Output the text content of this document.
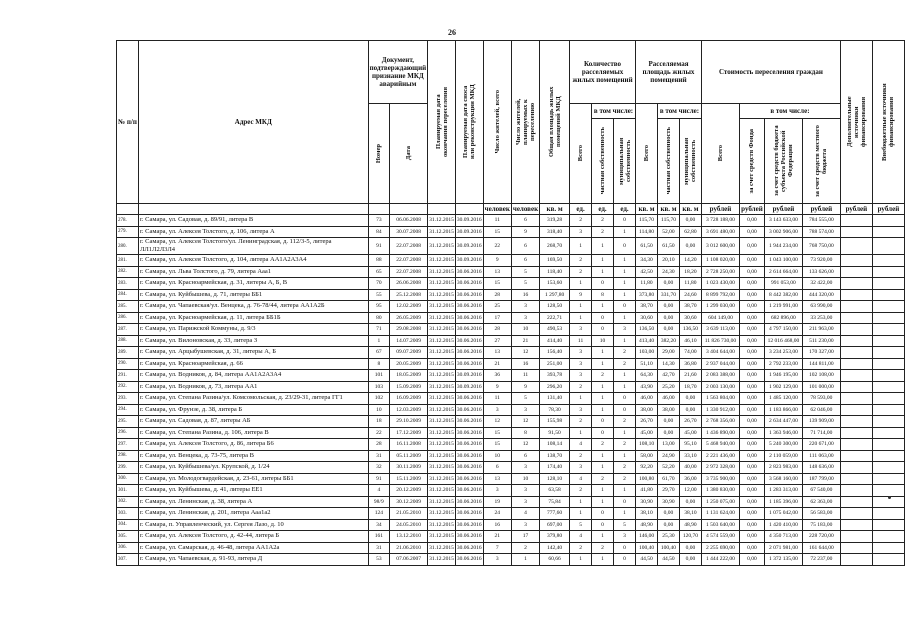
26
№ п/п	Адрес МКД	Документ, подтверждающий признание МКД аварийным		Планируемая дата окончания переселения	Планируемая дата сноса или реконструкции МКД	Число жителей, всего	Число жителей, планируемых к переселению	Общая площадь жилых помещений МКД	Количество расселяемых жилых помещений			Расселяемая площадь жилых помещений			Стоимость переселения граждан				Дополнительные источники финансирования	Внебюджетные источники финансирования

		Номер	Дата						Всего	в том числе:		Всего	в том числе:		Всего	в том числе:				

										частная собственность	муниципальная собственность		частная собственность	муниципальная собственность		за счет средств Фонда	за счет средств бюджета субъекта Российской Федерации	за счет средств местного бюджета		

						человек	человек	кв. м	ед.	ед.	ед.	кв. м	кв. м	кв. м	рублей	рублей	рублей	рублей	рублей	рублей
278.	г. Самара, ул. Садовая, д. 89/91, литера В	73	06.06.2008	31.12.2015	30.09.2016	11	6	319,28	2	2	0	115,70	115,70	0,00	3 728 188,00	0,00	3 143 633,00	784 555,00		
279.	г. Самара, ул. Алексея Толстого, д. 106, литера А	84	30.07.2008	31.12.2015	30.09.2016	15	9	318,40	3	2	1	114,80	52,00	62,80	3 691 480,00	0,00	3 002 906,00	788 574,00		
280.	г. Самара, ул. Алексея Толстого/ул. Ленинградская, д. 112/3-5, литера ЛЛ1Л2Л3Л4	91	22.07.2008	31.12.2015	30.09.2016	22	6	268,70	1	1	0	61,50	61,50	0,00	3 012 600,00	0,00	1 944 234,00	768 750,00		
281.	г. Самара, ул. Алексея Толстого, д. 104, литера АА1А2А3А4	88	22.07.2008	31.12.2015	30.09.2016	9	6	169,50	2	1	1	34,30	20,10	14,20	1 108 020,00	0,00	1 043 100,00	73 920,00		
282.	г. Самара, ул. Льва Толстого, д. 79, литера Ааа1	65	22.07.2008	31.12.2015	30.06.2016	13	5	118,40	2	1	1	42,50	24,30	18,20	2 728 250,00	0,00	2 614 664,00	133 626,00		
283.	г. Самара, ул. Красноармейская, д. 31, литеры А, Б, В	70	26.06.2008	31.12.2015	30.06.2016	15	5	153,60	1	0	1	11,80	0,00	11,80	1 023 430,00	0,00	991 053,00	32 422,00		
284.	г. Самара, ул. Куйбышева, д. 71, литеры ББ1	55	25.12.2008	31.12.2015	30.06.2016	28	16	1 297,80	9	8	1	373,80	331,70	24,60	8 899 792,00	0,00	8 442 382,00	444 320,00		
285.	г. Самара, ул. Чапаевская/ул. Венцека, д. 76-78/44, литера АА1А2Б	95	12.02.2009	31.12.2015	30.06.2016	25	3	128,50	1	1	0	38,70	0,00	38,70	1 299 030,00	0,00	1 219 991,00	63 990,00		
286.	г. Самара, ул. Красноармейская, д. 11, литера ББ1Б	80	26.05.2009	31.12.2015	30.06.2016	17	3	222,71	1	0	1	30,60	0,00	30,60	604 149,00	0,00	682 896,00	33 253,00		
287.	г. Самара, ул. Парижской Коммуны, д. 9/3	71	29.08.2008	31.12.2015	30.06.2016	28	10	490,53	3	0	3	136,50	0,00	136,50	3 639 113,00	0,00	4 797 150,00	211 963,00		
288.	г. Самара, ул. Вилоновская, д. 33, литера З	1	14.07.2009	31.12.2015	30.06.2016	27	21	414,40	11	10	1	413,40	382,20	46,10	11 826 730,00	0,00	12 016 468,00	511 230,00		
289.	г. Самара, ул. Арцыбушевская, д. 31, литеры А, Б	67	09.07.2009	31.12.2015	30.06.2016	13	12	156,40	3	1	2	103,00	29,00	74,00	3 404 644,00	0,00	3 234 253,00	170 327,00		
290.	г. Самара, ул. Красноармейская, д. 66	8	20.05.2009	31.12.2015	30.06.2016	21	16	251,00	3	1	2	51,10	14,30	36,80	2 937 044,00	0,00	2 792 233,00	144 811,00		
291.	г. Самара, ул. Водников, д. 84, литера АА1А2А3А4	101	18.05.2009	31.12.2015	30.09.2016	36	11	393,78	3	2	1	64,30	42,70	21,60	2 083 388,00	0,00	1 946 195,00	102 108,00		
292.	г. Самара, ул. Водников, д. 73, литера АА1	103	15.09.2009	31.12.2015	30.09.2016	9	9	296,20	2	1	1	43,90	25,20	18,70	2 003 130,00	0,00	1 902 129,00	101 000,00		
293.	г. Самара, ул. Степана Разина/ул. Комсомольская, д. 23/29-31, литера ГГ1	102	16.09.2009	31.12.2015	30.06.2016	11	5	131,40	1	1	0	46,00	46,00	0,00	1 563 804,00	0,00	1 485 120,00	78 593,00		
294.	г. Самара, ул. Фрунзе, д. 38, литера Б	10	12.03.2009	31.12.2015	30.06.2016	3	3	78,30	3	1	0	38,00	38,00	0,00	1 330 912,00	0,00	1 183 866,00	62 046,00		
295.	г. Самара, ул. Садовая, д. 87, литеры АБ	18	29.10.2009	31.12.2015	30.06.2016	12	12	155,98	2	0	2	26,70	0,00	26,70	2 768 356,00	0,00	2 634 447,00	139 909,00		
296.	г. Самара, ул. Степана Разина, д. 106, литера В	22	17.12.2009	31.12.2015	30.06.2016	15	8	91,50	1	0	1	45,00	0,00	45,00	1 436 890,00	0,00	1 363 946,00	71 714,00		
297.	г. Самара, ул. Алексея Толстого, д. 86, литера Б6	28	16.11.2008	31.12.2015	30.06.2016	15	12	108,14	4	2	2	108,10	13,00	95,10	5 468 940,00	0,00	5 240 300,00	220 671,00		
298.	г. Самара, ул. Венцека, д. 73-75, литера В	31	05.11.2009	31.12.2015	30.06.2016	10	6	138,70	2	1	1	58,00	24,90	33,10	2 221 436,00	0,00	2 110 059,00	111 063,00		
299.	г. Самара, ул. Куйбышева/ул. Крупской, д. 1/24	32	30.11.2009	31.12.2015	30.06.2016	6	3	174,40	3	1	2	92,20	52,20	40,00	2 972 328,00	0,00	2 823 983,00	148 636,00		
300.	г. Самара, ул. Молодогвардейская, д. 23-61, литеры ББ1	91	15.11.2009	31.12.2015	30.06.2016	13	10	128,10	4	2	2	100,80	61,70	36,00	3 735 900,00	0,00	3 568 160,00	187 799,00		
301.	г. Самара, ул. Куйбышева, д. 41, литеры ЕЕ1	4	20.12.2009	31.12.2015	30.06.2016	3	3	63,58	2	1	1	41,80	29,70	12,00	1 380 830,00	0,00	1 283 313,00	67 540,00		
302.	г. Самара, ул. Ленинская, д. 38, литера А	98/9	30.12.2009	31.12.2015	30.06.2016	19	3	75,84	1	1	0	30,90	30,90	0,00	1 250 075,00	0,00	1 185 396,00	62 363,00		
303.	г. Самара, ул. Ленинская, д. 201, литера Ааа1а2	124	21.05.2010	31.12.2015	30.06.2016	24	4	777,60	1	0	1	38,10	0,00	38,10	1 131 624,00	0,00	1 075 042,00	56 583,00		
304.	г. Самара, п. Управленческий, ул. Сергея Лазо, д. 10	34	24.05.2010	31.12.2015	30.06.2016	16	3	697,00	5	0	5	48,90	0,00	48,90	1 503 640,00	0,00	1 420 410,00	75 183,00		
305.	г. Самара, ул. Алексея Толстого, д. 42-44, литера Б	161	13.12.2010	31.12.2015	30.06.2016	21	17	379,80	4	1	3	146,00	25,30	120,70	4 574 559,00	0,00	4 350 713,00	228 720,00		
306.	г. Самара, ул. Самарская, д. 46-48, литера АА1А2а	31	21.06.2010	31.12.2015	30.06.2016	7	2	142,40	2	2	0	100,40	100,40	0,00	2 255 690,00	0,00	2 071 981,00	161 644,00		
307.	г. Самара, ул. Чапаевская, д. 91-93, литера Д	53	07.06.2007	31.12.2015	30.06.2016	3	1	60,66	1	1	0	44,50	44,50	0,00	1 444 222,00	0,00	1 372 135,00	72 237,00		
